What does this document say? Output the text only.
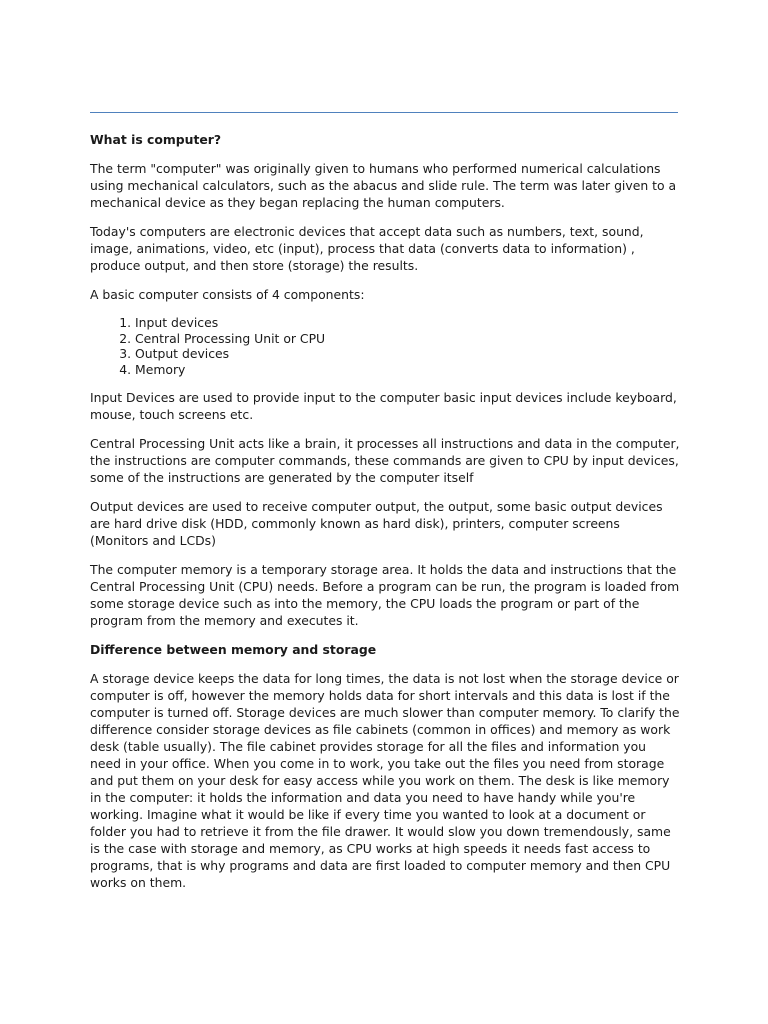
What is computer?

The term "computer" was originally given to humans who performed numerical calculations using mechanical calculators, such as the abacus and slide rule. The term was later given to a mechanical device as they began replacing the human computers.

Today's computers are electronic devices that accept data such as numbers, text, sound, image, animations, video, etc (input), process that data (converts data to information) , produce output, and then store (storage) the results.

A basic computer consists of 4 components:

1. Input devices
2. Central Processing Unit or CPU
3. Output devices
4. Memory

Input Devices are used to provide input to the computer basic input devices include keyboard, mouse, touch screens etc.

Central Processing Unit acts like a brain, it processes all instructions and data in the computer, the instructions are computer commands, these commands are given to CPU by input devices, some of the instructions are generated by the computer itself

Output devices are used to receive computer output, the output, some basic output devices are hard drive disk (HDD, commonly known as hard disk), printers, computer screens (Monitors and LCDs)

The computer memory is a temporary storage area. It holds the data and instructions that the Central Processing Unit (CPU) needs. Before a program can be run, the program is loaded from some storage device such as into the memory, the CPU loads the program or part of the program from the memory and executes it.

Difference between memory and storage

A storage device keeps the data for long times, the data is not lost when the storage device or computer is off, however the memory holds data for short intervals and this data is lost if the computer is turned off. Storage devices are much slower than computer memory. To clarify the difference consider storage devices as file cabinets (common in offices) and memory as work desk (table usually). The file cabinet provides storage for all the files and information you need in your office. When you come in to work, you take out the files you need from storage and put them on your desk for easy access while you work on them. The desk is like memory in the computer: it holds the information and data you need to have handy while you're working. Imagine what it would be like if every time you wanted to look at a document or folder you had to retrieve it from the file drawer. It would slow you down tremendously, same is the case with storage and memory, as CPU works at high speeds it needs fast access to programs, that is why programs and data are first loaded to computer memory and then CPU works on them.
